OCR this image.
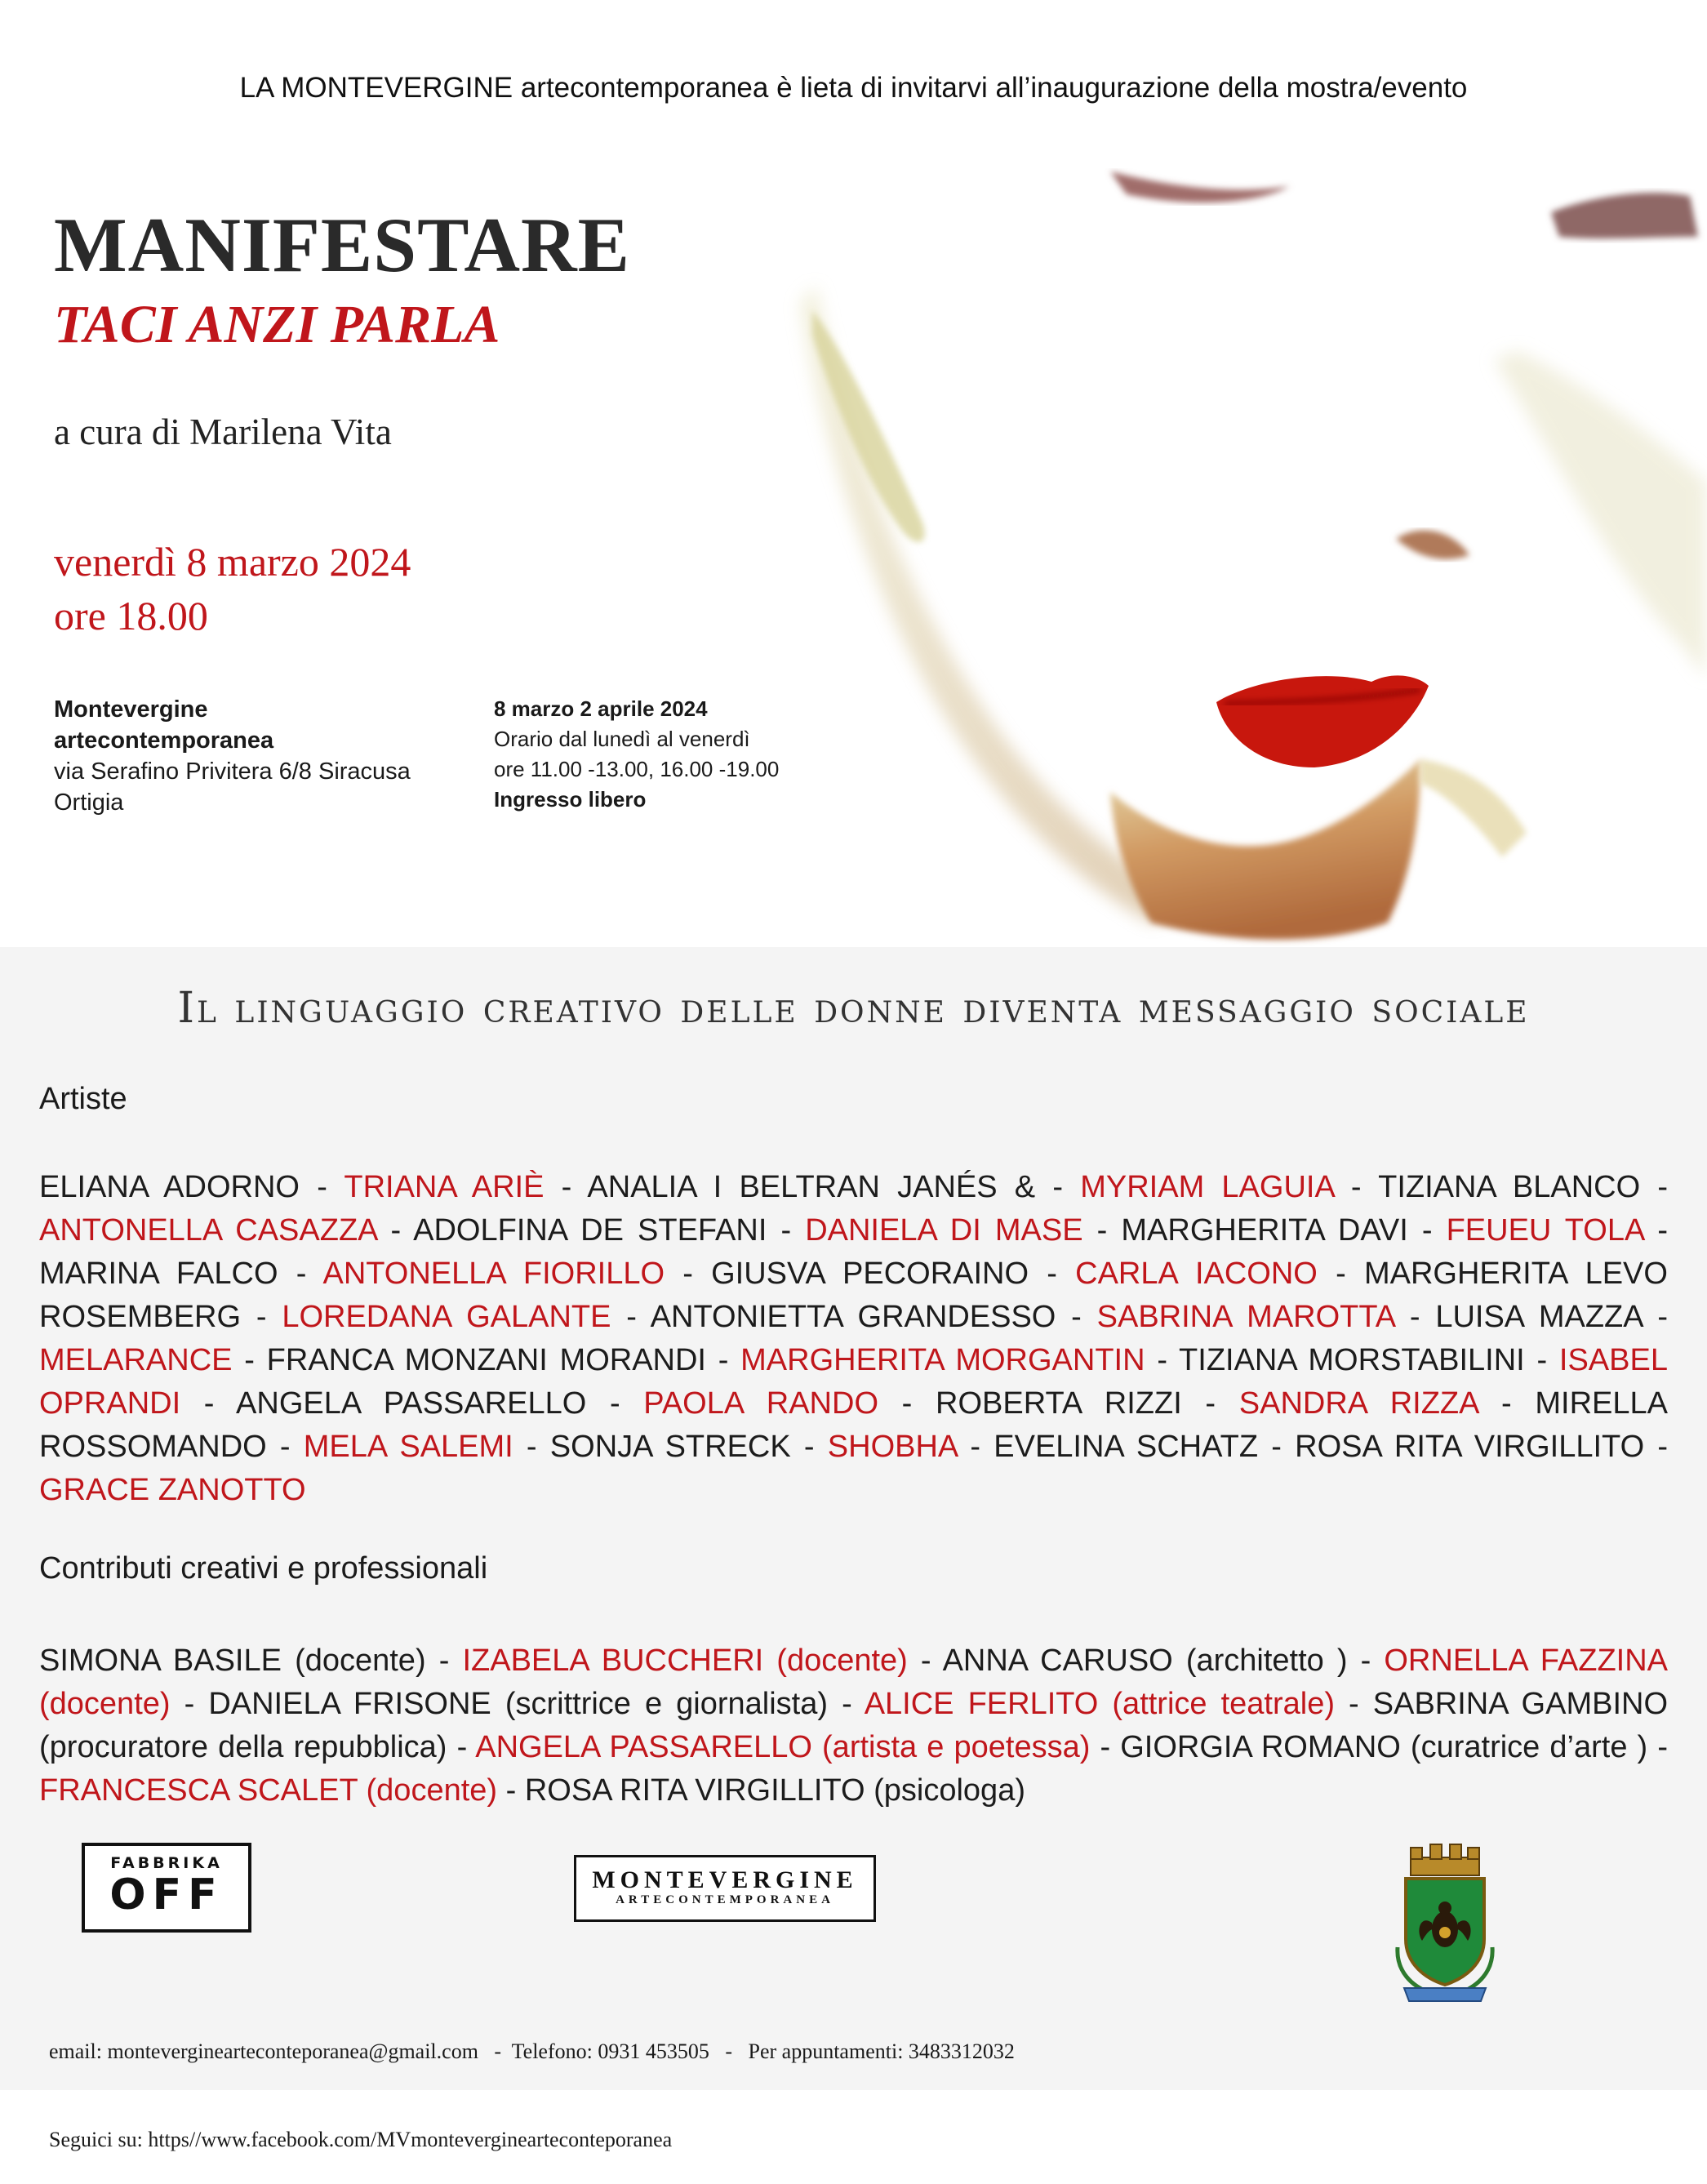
LA MONTEVERGINE artecontemporanea è lieta di invitarvi all’inaugurazione della mostra/evento
MANIFESTARE
TACI ANZI PARLA
a cura di Marilena Vita
venerdì 8 marzo 2024
ore 18.00
Montevergine
artecontemporanea
via Serafino Privitera 6/8 Siracusa
Ortigia
8 marzo 2 aprile 2024
Orario dal lunedì al venerdì
ore 11.00 -13.00, 16.00 -19.00
Ingresso libero
Il linguaggio creativo delle donne diventa messaggio sociale
Artiste
ELIANA ADORNO - TRIANA ARIÈ - ANALIA I BELTRAN JANÉS & - MYRIAM LAGUIA - TIZIANA BLANCO - ANTONELLA CASAZZA - ADOLFINA DE STEFANI - DANIELA DI MASE - MARGHERITA DAVI - FEUEU TOLA - MARINA FALCO - ANTONELLA FIORILLO - GIUSVA PECORAINO - CARLA IACONO - MARGHERITA LEVO ROSEMBERG - LOREDANA GALANTE - ANTONIETTA GRANDESSO - SABRINA MAROTTA - LUISA MAZZA - MELARANCE - FRANCA MONZANI MORANDI - MARGHERITA MORGANTIN - TIZIANA MORSTABILINI - ISABEL OPRANDI - ANGELA PASSARELLO - PAOLA RANDO - ROBERTA RIZZI - SANDRA RIZZA - MIRELLA ROSSOMANDO - MELA SALEMI - SONJA STRECK - SHOBHA - EVELINA SCHATZ - ROSA RITA VIRGILLITO - GRACE ZANOTTO
Contributi creativi e professionali
SIMONA BASILE (docente) - IZABELA BUCCHERI (docente) - ANNA CARUSO (architetto ) - ORNELLA FAZZINA (docente) - DANIELA FRISONE (scrittrice e giornalista) - ALICE FERLITO (attrice teatrale) - SABRINA GAMBINO (procuratore della repubblica) - ANGELA PASSARELLO (artista e poetessa) - GIORGIA ROMANO (curatrice d’arte ) - FRANCESCA SCALET (docente) - ROSA RITA VIRGILLITO (psicologa)
FABBRIKA
OFF	MONTEVERGINE
ARTECONTEMPORANEA

email: monteverginearteconteporanea@gmail.com   -  Telefono: 0931 453505   -   Per appuntamenti: 3483312032

Seguici su: https//www.facebook.com/MVmonteverginearteconteporanea
